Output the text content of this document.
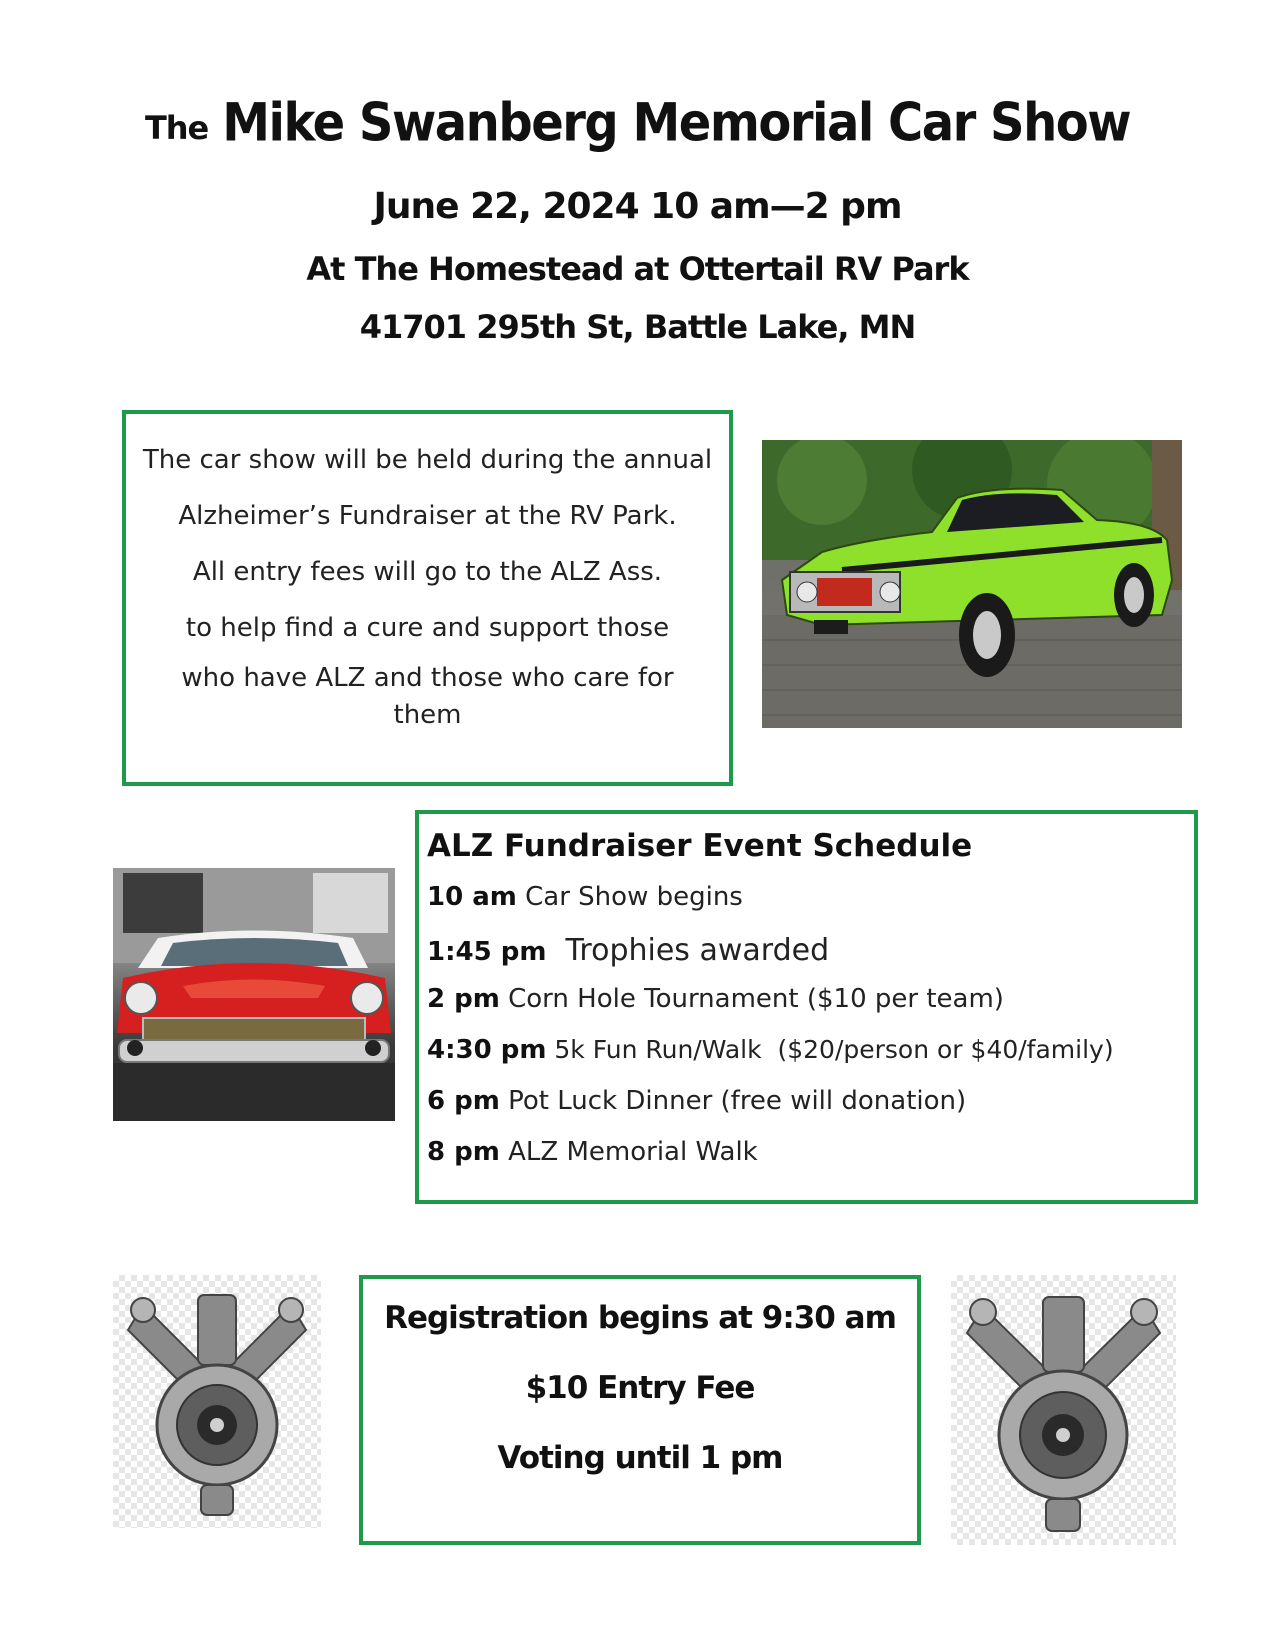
The Mike Swanberg Memorial Car Show
June 22, 2024 10 am—2 pm
At The Homestead at Ottertail RV Park
41701 295th St, Battle Lake, MN
The car show will be held during the annual
Alzheimer’s Fundraiser at the RV Park.
All entry fees will go to the ALZ Ass.
to help find a cure and support those
who have ALZ and those who care for
them
ALZ Fundraiser Event Schedule
10 am Car Show begins
1:45 pm  Trophies awarded
2 pm Corn Hole Tournament ($10 per team)
4:30 pm 5k Fun Run/Walk  ($20/person or $40/family)
6 pm Pot Luck Dinner (free will donation)
8 pm ALZ Memorial Walk
Registration begins at 9:30 am
$10 Entry Fee
Voting until 1 pm
